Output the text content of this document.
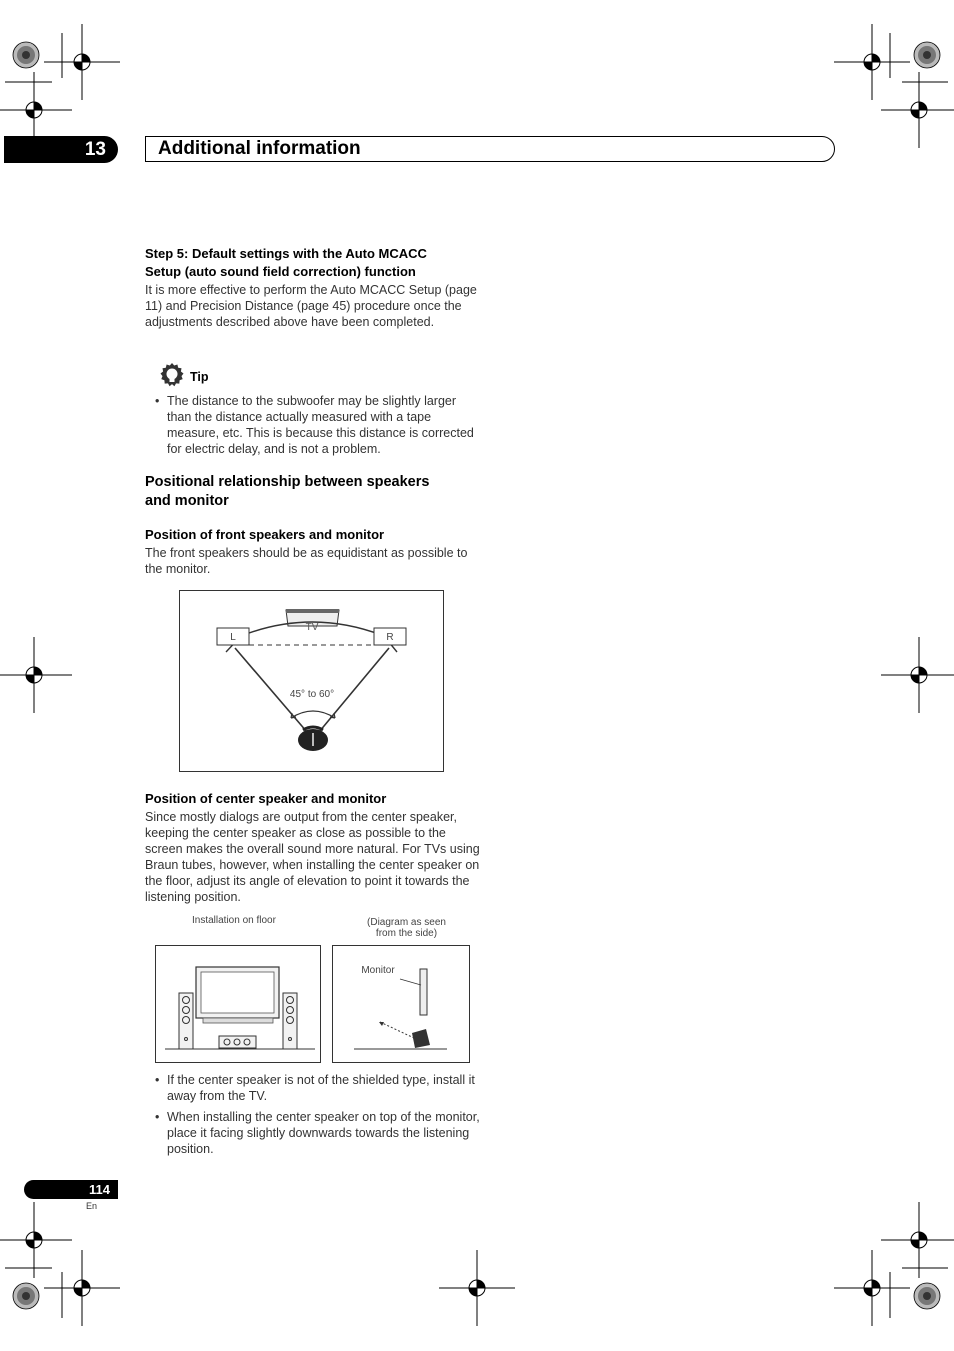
13	Additional information
Step 5: Default settings with the Auto MCACC
Setup (auto sound field correction) function
It is more effective to perform the Auto MCACC Setup (page 11) and Precision Distance (page 45) procedure once the adjustments described above have been completed.
Tip
• The distance to the subwoofer may be slightly larger than the distance actually measured with a tape measure, etc. This is because this distance is corrected for electric delay, and is not a problem.
Positional relationship between speakers
and monitor
Position of front speakers and monitor
The front speakers should be as equidistant as possible to the monitor.
TV
L	R
45° to 60°
Position of center speaker and monitor
Since mostly dialogs are output from the center speaker, keeping the center speaker as close as possible to the screen makes the overall sound more natural. For TVs using Braun tubes, however, when installing the center speaker on the floor, adjust its angle of elevation to point it towards the listening position.
Installation on floor	(Diagram as seen
from the side)
Monitor
• If the center speaker is not of the shielded type, install it away from the TV.
• When installing the center speaker on top of the monitor, place it facing slightly downwards towards the listening position.
114
En
